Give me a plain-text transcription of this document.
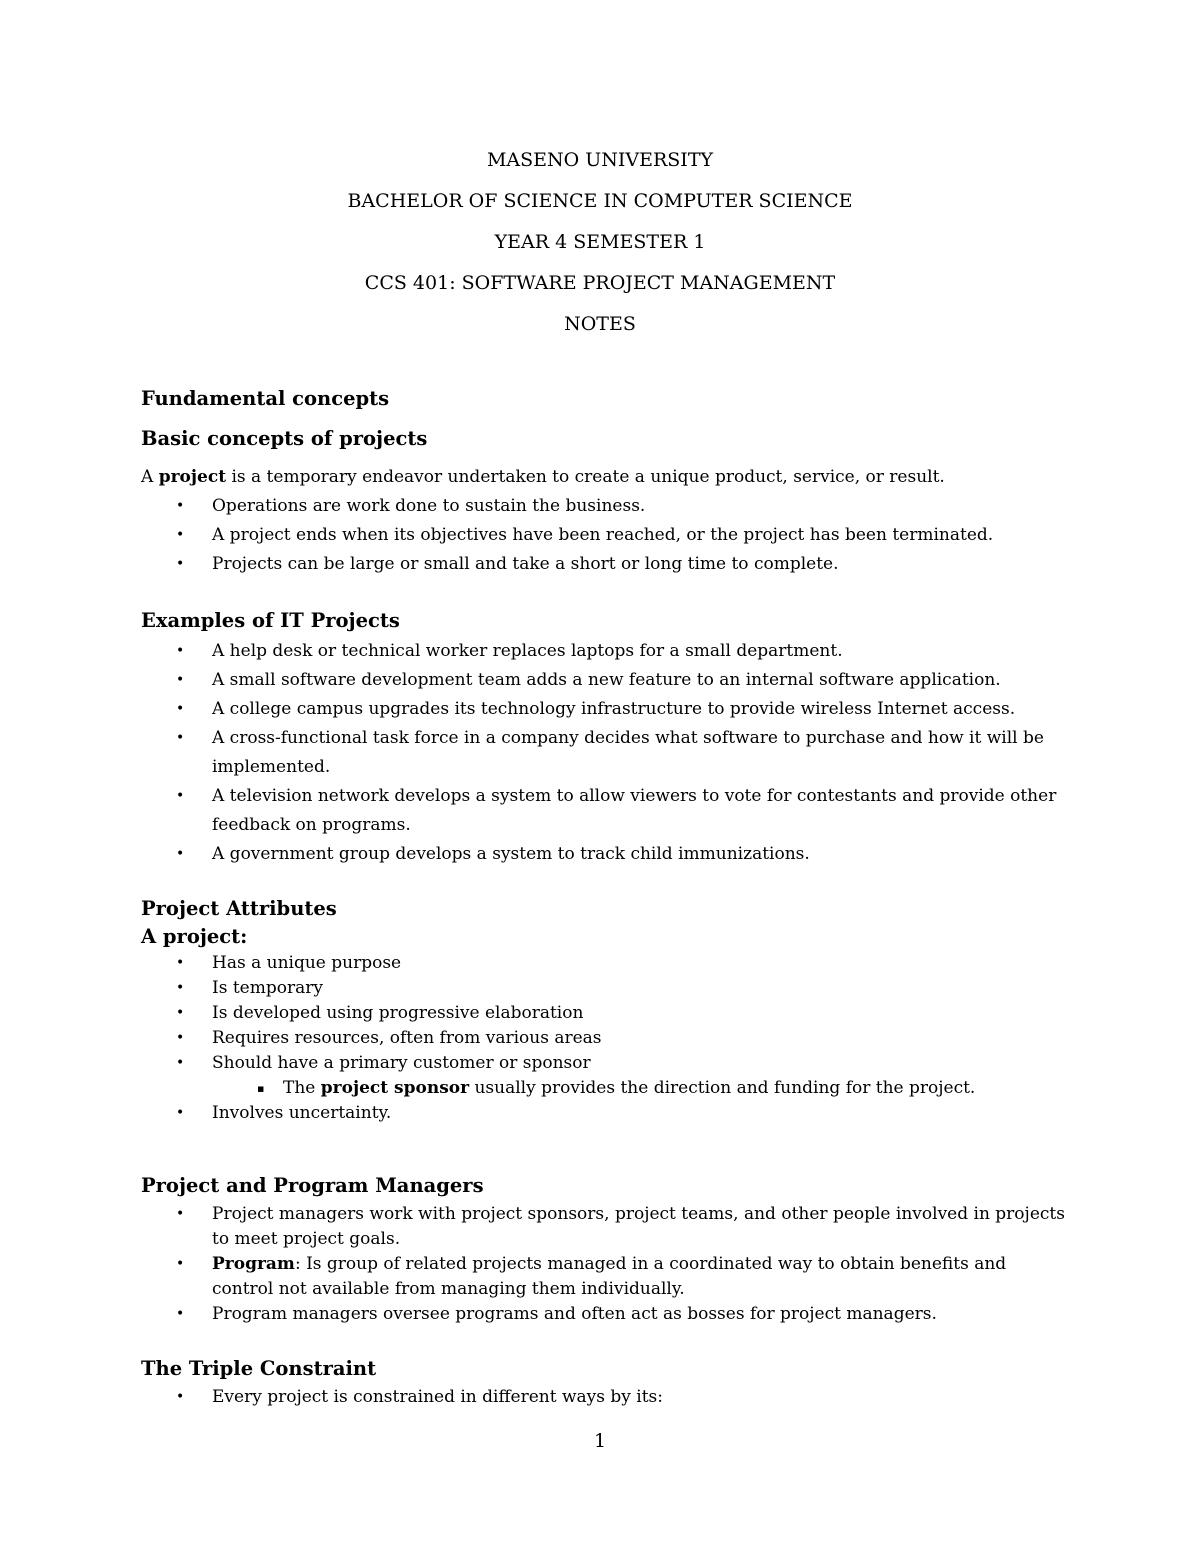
MASENO UNIVERSITY
BACHELOR OF SCIENCE IN COMPUTER SCIENCE
YEAR 4 SEMESTER 1
CCS 401: SOFTWARE PROJECT MANAGEMENT
NOTES
Fundamental concepts
Basic concepts of projects

A project is a temporary endeavor undertaken to create a unique product, service, or result.

• Operations are work done to sustain the business.
• A project ends when its objectives have been reached, or the project has been terminated.
• Projects can be large or small and take a short or long time to complete.
Examples of IT Projects
• A help desk or technical worker replaces laptops for a small department.
• A small software development team adds a new feature to an internal software application.
• A college campus upgrades its technology infrastructure to provide wireless Internet access.
• A cross-functional task force in a company decides what software to purchase and how it will be implemented.
• A television network develops a system to allow viewers to vote for contestants and provide other feedback on programs.
• A government group develops a system to track child immunizations.
Project Attributes
A project:
• Has a unique purpose
• Is temporary
• Is developed using progressive elaboration
• Requires resources, often from various areas
• Should have a primary customer or sponsor
▪ The project sponsor usually provides the direction and funding for the project.
• Involves uncertainty.
Project and Program Managers
• Project managers work with project sponsors, project teams, and other people involved in projects to meet project goals.
• Program: Is group of related projects managed in a coordinated way to obtain benefits and control not available from managing them individually.
• Program managers oversee programs and often act as bosses for project managers.
The Triple Constraint
• Every project is constrained in different ways by its:
1
